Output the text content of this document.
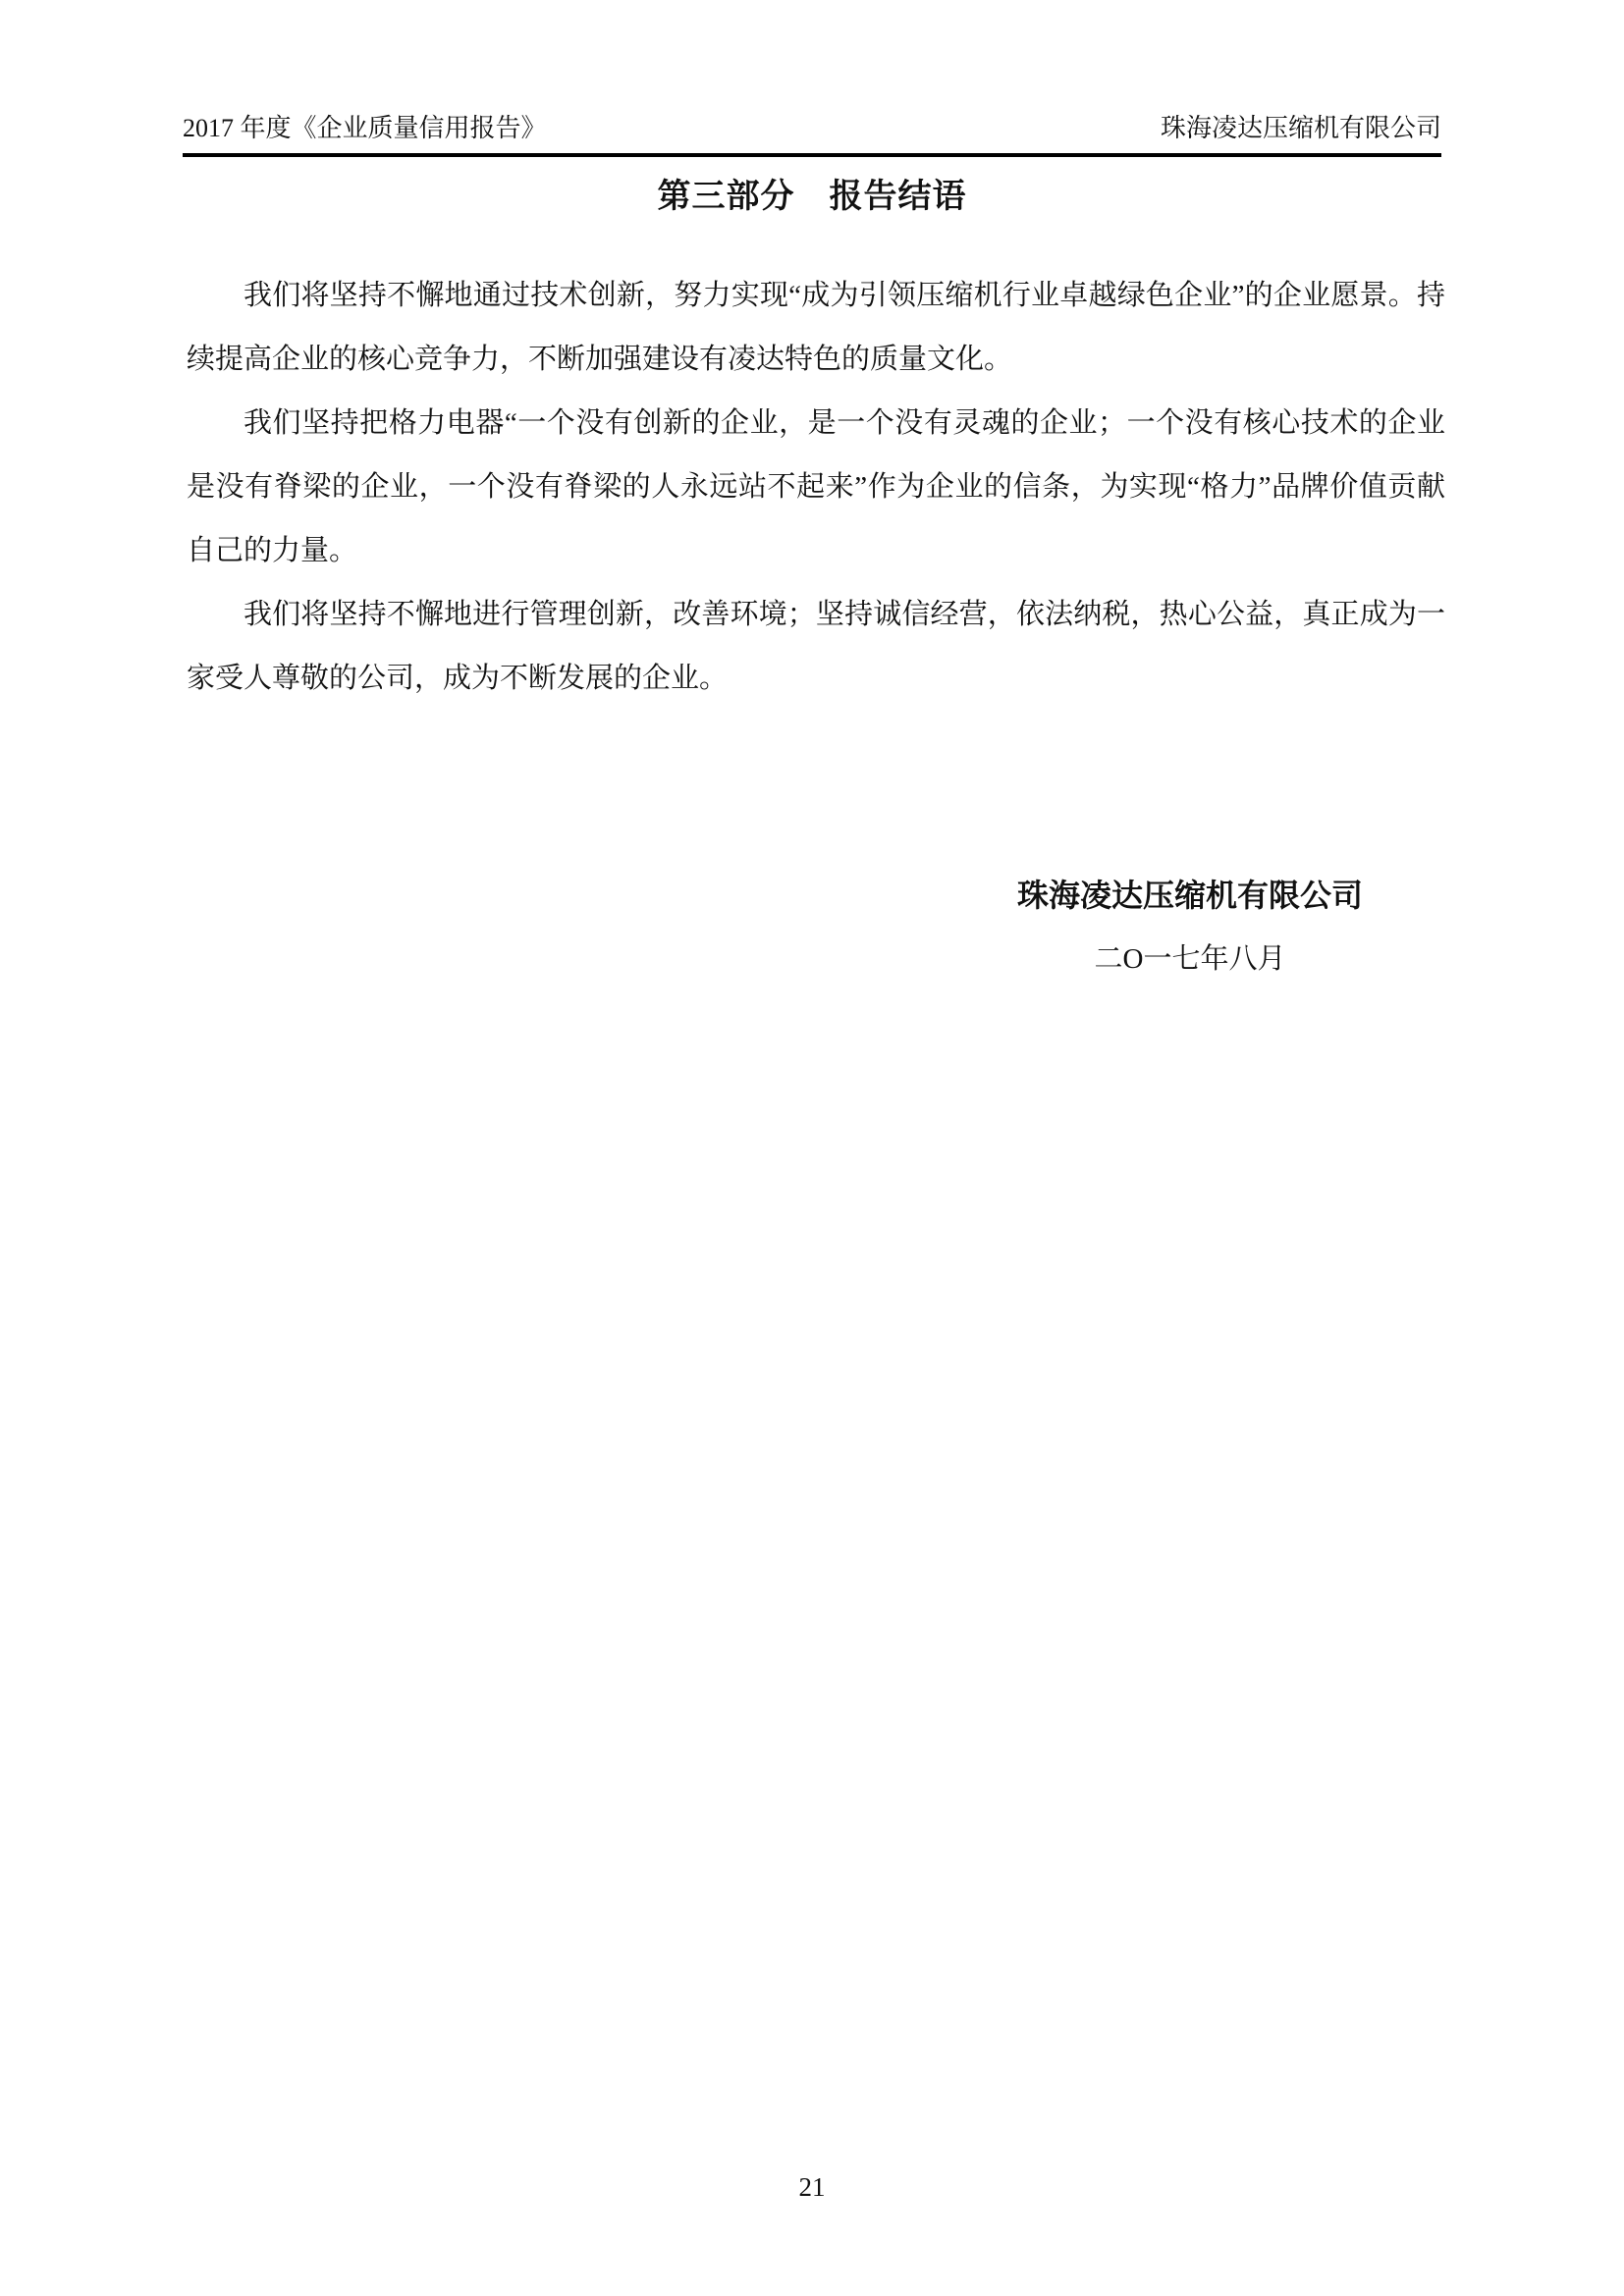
2017 年度《企业质量信用报告》	珠海凌达压缩机有限公司
第三部分　报告结语

我们将坚持不懈地通过技术创新，努力实现“成为引领压缩机行业卓越绿色企业”的企业愿景。持续提高企业的核心竞争力，不断加强建设有凌达特色的质量文化。

我们坚持把格力电器“一个没有创新的企业，是一个没有灵魂的企业；一个没有核心技术的企业是没有脊梁的企业，一个没有脊梁的人永远站不起来”作为企业的信条，为实现“格力”品牌价值贡献自己的力量。

我们将坚持不懈地进行管理创新，改善环境；坚持诚信经营，依法纳税，热心公益，真正成为一家受人尊敬的公司，成为不断发展的企业。

珠海凌达压缩机有限公司
二O一七年八月
21
